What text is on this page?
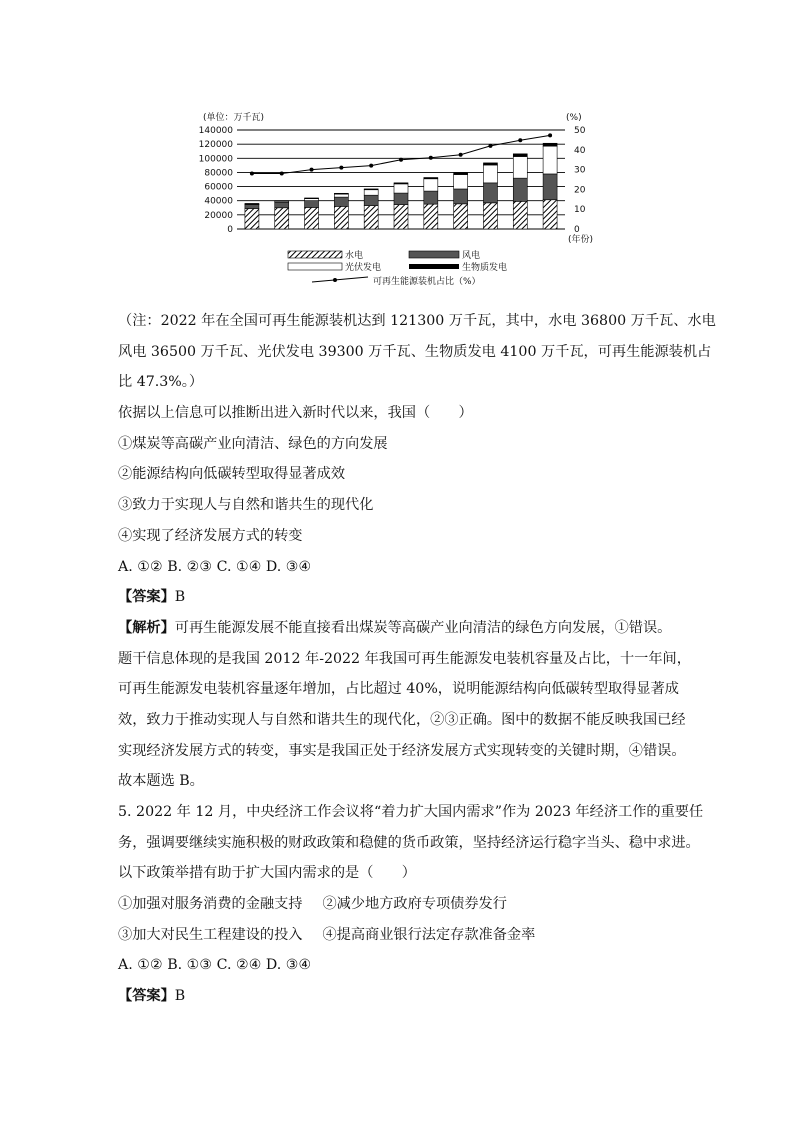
(单位：万千瓦)	(%)
(年份)
140000
120000
100000
80000
60000
40000
20000
0
50
40
30
20
10
0
水电	风电
光伏发电	生物质发电
可再生能源装机占比（%）
（注：2022 年在全国可再生能源装机达到 121300 万千瓦，其中，水电 36800 万千瓦、水电
风电 36500 万千瓦、光伏发电 39300 万千瓦、生物质发电 4100 万千瓦，可再生能源装机占
比 47.3%。）
依据以上信息可以推断出进入新时代以来，我国（　　）
①煤炭等高碳产业向清洁、绿色的方向发展
②能源结构向低碳转型取得显著成效
③致力于实现人与自然和谐共生的现代化
④实现了经济发展方式的转变
A. ①② B. ②③ C. ①④ D. ③④
【答案】B
【解析】可再生能源发展不能直接看出煤炭等高碳产业向清洁的绿色方向发展，①错误。
题干信息体现的是我国 2012 年-2022 年我国可再生能源发电装机容量及占比，十一年间，
可再生能源发电装机容量逐年增加，占比超过 40%，说明能源结构向低碳转型取得显著成
效，致力于推动实现人与自然和谐共生的现代化，②③正确。图中的数据不能反映我国已经
实现经济发展方式的转变，事实是我国正处于经济发展方式实现转变的关键时期，④错误。
故本题选 B。
5. 2022 年 12 月，中央经济工作会议将“着力扩大国内需求”作为 2023 年经济工作的重要任
务，强调要继续实施积极的财政政策和稳健的货币政策，坚持经济运行稳字当头、稳中求进。
以下政策举措有助于扩大国内需求的是（　　）
①加强对服务消费的金融支持 ②减少地方政府专项债券发行
③加大对民生工程建设的投入 ④提高商业银行法定存款准备金率
A. ①② B. ①③ C. ②④ D. ③④
【答案】B
